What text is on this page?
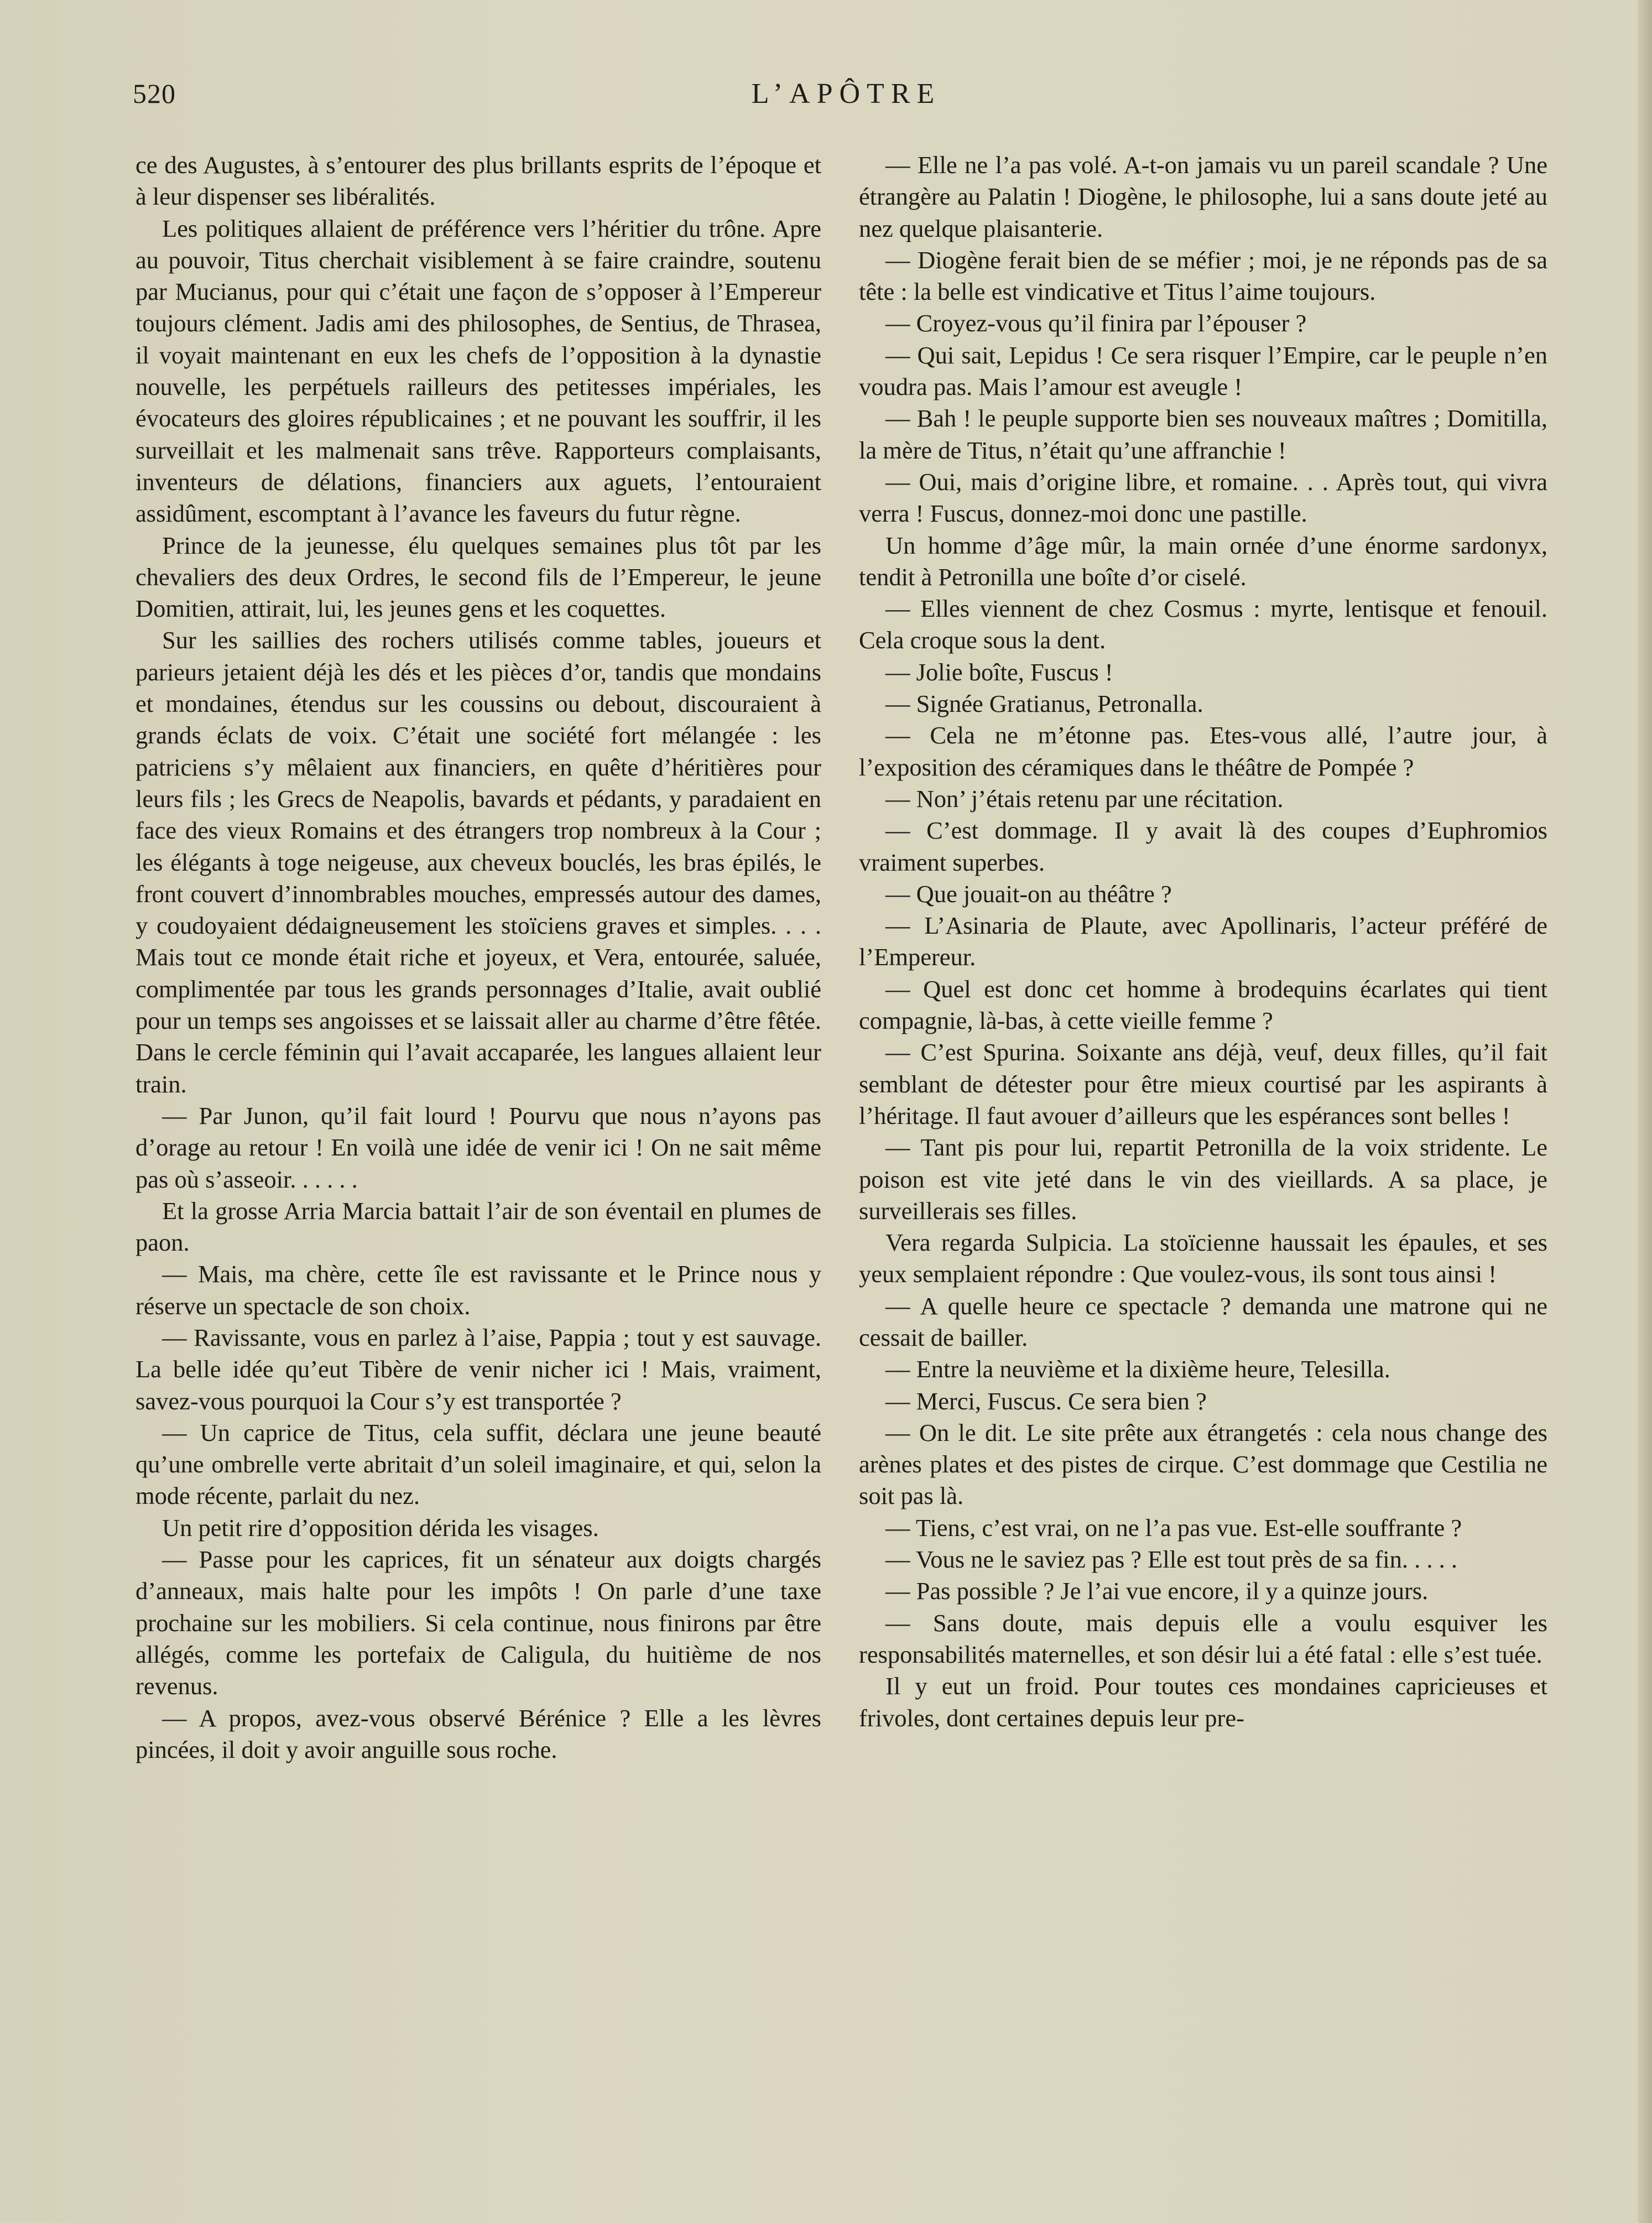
520	L’APÔTRE

ce des Augustes, à s’entourer des plus brillants esprits de l’époque et à leur dispenser ses libéralités.

Les politiques allaient de préférence vers l’héritier du trône. Apre au pouvoir, Titus cherchait visiblement à se faire craindre, soutenu par Mucianus, pour qui c’était une façon de s’opposer à l’Empereur toujours clément. Jadis ami des philosophes, de Sentius, de Thrasea, il voyait maintenant en eux les chefs de l’opposition à la dynastie nouvelle, les perpétuels railleurs des petitesses impériales, les évocateurs des gloires républicaines ; et ne pouvant les souffrir, il les surveillait et les malmenait sans trêve. Rapporteurs complaisants, inventeurs de délations, financiers aux aguets, l’entouraient assidûment, escomptant à l’avance les faveurs du futur règne.

Prince de la jeunesse, élu quelques semaines plus tôt par les chevaliers des deux Ordres, le second fils de l’Empereur, le jeune Domitien, attirait, lui, les jeunes gens et les coquettes.

Sur les saillies des rochers utilisés comme tables, joueurs et parieurs jetaient déjà les dés et les pièces d’or, tandis que mondains et mondaines, étendus sur les coussins ou debout, discouraient à grands éclats de voix. C’était une société fort mélangée : les patriciens s’y mêlaient aux financiers, en quête d’héritières pour leurs fils ; les Grecs de Neapolis, bavards et pédants, y paradaient en face des vieux Romains et des étrangers trop nombreux à la Cour ; les élégants à toge neigeuse, aux cheveux bouclés, les bras épilés, le front couvert d’innombrables mouches, empressés autour des dames, y coudoyaient dédaigneusement les stoïciens graves et simples. . . . Mais tout ce monde était riche et joyeux, et Vera, entourée, saluée, complimentée par tous les grands personnages d’Italie, avait oublié pour un temps ses angoisses et se laissait aller au charme d’être fêtée. Dans le cercle féminin qui l’avait accaparée, les langues allaient leur train.

— Par Junon, qu’il fait lourd ! Pourvu que nous n’ayons pas d’orage au retour ! En voilà une idée de venir ici ! On ne sait même pas où s’asseoir. . . . . .

Et la grosse Arria Marcia battait l’air de son éventail en plumes de paon.

— Mais, ma chère, cette île est ravissante et le Prince nous y réserve un spectacle de son choix.

— Ravissante, vous en parlez à l’aise, Pappia ; tout y est sauvage. La belle idée qu’eut Tibère de venir nicher ici ! Mais, vraiment, savez-vous pourquoi la Cour s’y est transportée ?

— Un caprice de Titus, cela suffit, déclara une jeune beauté qu’une ombrelle verte abritait d’un soleil imaginaire, et qui, selon la mode récente, parlait du nez.

Un petit rire d’opposition dérida les visages.

— Passe pour les caprices, fit un sénateur aux doigts chargés d’anneaux, mais halte pour les impôts ! On parle d’une taxe prochaine sur les mobiliers. Si cela continue, nous finirons par être allégés, comme les portefaix de Caligula, du huitième de nos revenus.

— A propos, avez-vous observé Bérénice ? Elle a les lèvres pincées, il doit y avoir anguille sous roche.

— Elle ne l’a pas volé. A-t-on jamais vu un pareil scandale ? Une étrangère au Palatin ! Diogène, le philosophe, lui a sans doute jeté au nez quelque plaisanterie.

— Diogène ferait bien de se méfier ; moi, je ne réponds pas de sa tête : la belle est vindicative et Titus l’aime toujours.

— Croyez-vous qu’il finira par l’épouser ?

— Qui sait, Lepidus ! Ce sera risquer l’Empire, car le peuple n’en voudra pas. Mais l’amour est aveugle !

— Bah ! le peuple supporte bien ses nouveaux maîtres ; Domitilla, la mère de Titus, n’était qu’une affranchie !

— Oui, mais d’origine libre, et romaine. . . Après tout, qui vivra verra ! Fuscus, donnez-moi donc une pastille.

Un homme d’âge mûr, la main ornée d’une énorme sardonyx, tendit à Petronilla une boîte d’or ciselé.

— Elles viennent de chez Cosmus : myrte, lentisque et fenouil. Cela croque sous la dent.

— Jolie boîte, Fuscus !

— Signée Gratianus, Petronalla.

— Cela ne m’étonne pas. Etes-vous allé, l’autre jour, à l’exposition des céramiques dans le théâtre de Pompée ?

— Non’ j’étais retenu par une récitation.

— C’est dommage. Il y avait là des coupes d’Euphromios vraiment superbes.

— Que jouait-on au théâtre ?

— L’Asinaria de Plaute, avec Apollinaris, l’acteur préféré de l’Empereur.

— Quel est donc cet homme à brodequins écarlates qui tient compagnie, là-bas, à cette vieille femme ?

— C’est Spurina. Soixante ans déjà, veuf, deux filles, qu’il fait semblant de détester pour être mieux courtisé par les aspirants à l’héritage. Il faut avouer d’ailleurs que les espérances sont belles !

— Tant pis pour lui, repartit Petronilla de la voix stridente. Le poison est vite jeté dans le vin des vieillards. A sa place, je surveillerais ses filles.

Vera regarda Sulpicia. La stoïcienne haussait les épaules, et ses yeux semplaient répondre : Que voulez-vous, ils sont tous ainsi !

— A quelle heure ce spectacle ? demanda une matrone qui ne cessait de bailler.

— Entre la neuvième et la dixième heure, Telesilla.

— Merci, Fuscus. Ce sera bien ?

— On le dit. Le site prête aux étrangetés : cela nous change des arènes plates et des pistes de cirque. C’est dommage que Cestilia ne soit pas là.

— Tiens, c’est vrai, on ne l’a pas vue. Est-elle souffrante ?

— Vous ne le saviez pas ? Elle est tout près de sa fin. . . . .

— Pas possible ? Je l’ai vue encore, il y a quinze jours.

— Sans doute, mais depuis elle a voulu esquiver les responsabilités maternelles, et son désir lui a été fatal : elle s’est tuée.

Il y eut un froid. Pour toutes ces mondaines capricieuses et frivoles, dont certaines depuis leur pre-
